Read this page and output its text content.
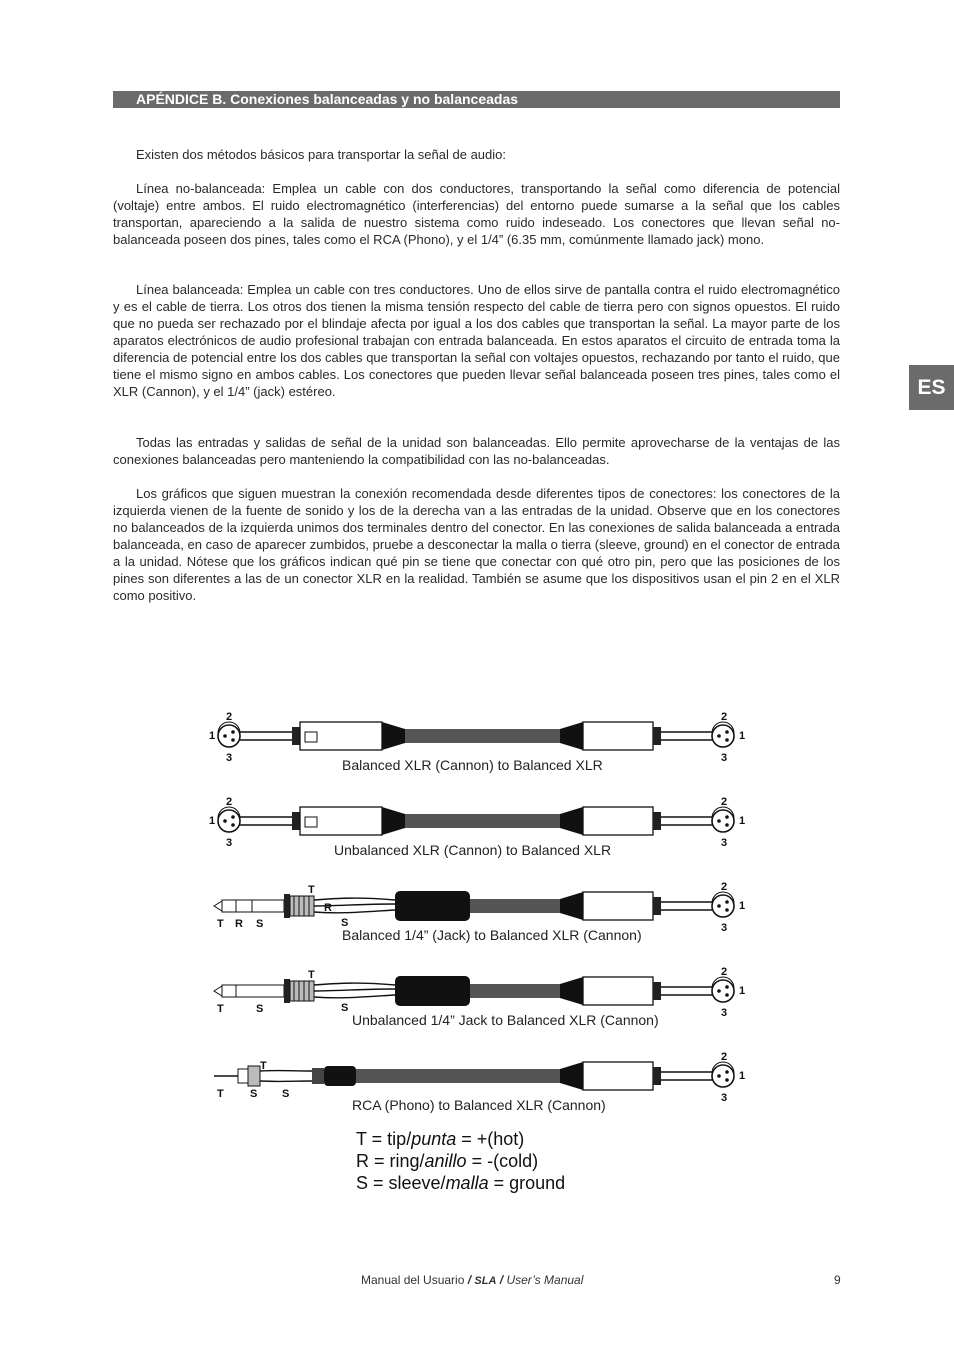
APÉNDICE B. Conexiones balanceadas y no balanceadas
ES

Existen dos métodos básicos para transportar la señal de audio:

Línea no-balanceada: Emplea un cable con dos conductores, transportando la señal como diferencia de potencial (voltaje) entre ambos. El ruido electromagnético (interferencias) del entorno puede sumarse a la señal que los cables transportan, apareciendo a la salida de nuestro sistema como ruido indeseado. Los conectores que llevan señal no-balanceada poseen dos pines, tales como el RCA (Phono), y el 1/4” (6.35 mm, comúnmente llamado jack) mono.

Línea balanceada: Emplea un cable con tres conductores. Uno de ellos sirve de pantalla contra el ruido electromagnético y es el cable de tierra. Los otros dos tienen la misma tensión respecto del cable de tierra pero con signos opuestos. El ruido que no pueda ser rechazado por el blindaje afecta por igual a los dos cables que transportan la señal. La mayor parte de los aparatos electrónicos de audio profesional trabajan con entrada balanceada. En estos aparatos el circuito de entrada toma la diferencia de potencial entre los dos cables que transportan la señal con voltajes opuestos, rechazando por tanto el ruido, que tiene el mismo signo en ambos cables. Los conectores que pueden llevar señal balanceada poseen tres pines, tales como el XLR (Cannon), y el 1/4” (jack) estéreo.

Todas las entradas y salidas de señal de la unidad son balanceadas. Ello permite aprovecharse de la ventajas de las conexiones balanceadas pero manteniendo la compatibilidad con las no-balanceadas.

Los gráficos que siguen muestran la conexión recomendada desde diferentes tipos de conectores: los conectores de la izquierda vienen de la fuente de sonido y los de la derecha van a las entradas de la unidad. Observe que en los conectores no balanceados de la izquierda unimos dos terminales dentro del conector. En las conexiones de salida balanceada a entrada balanceada, en caso de aparecer zumbidos, pruebe a desconectar la malla o tierra (sleeve, ground) en el conector de entrada a la unidad. Nótese que los gráficos indican qué pin se tiene que conectar con qué otro pin, pero que las posiciones de los pines son diferentes a las de un conector XLR en la realidad. También se asume que los dispositivos usan el pin 2 en el XLR como positivo.

2
1
3
2
1
3
2
1
3
2
1
3
T
R
S
T R S
2
1
3
T
S
T	S
2
1
3
T
T S S
2
1
3
Balanced XLR (Cannon) to Balanced XLR
Unbalanced XLR (Cannon) to Balanced XLR
Balanced 1/4” (Jack) to Balanced XLR (Cannon)
Unbalanced 1/4” Jack to Balanced XLR (Cannon)
RCA (Phono) to Balanced XLR (Cannon)
T = tip/punta = +(hot)
R = ring/anillo = -(cold)
S = sleeve/malla = ground
Manual del Usuario / SLA / User’s Manual	9
